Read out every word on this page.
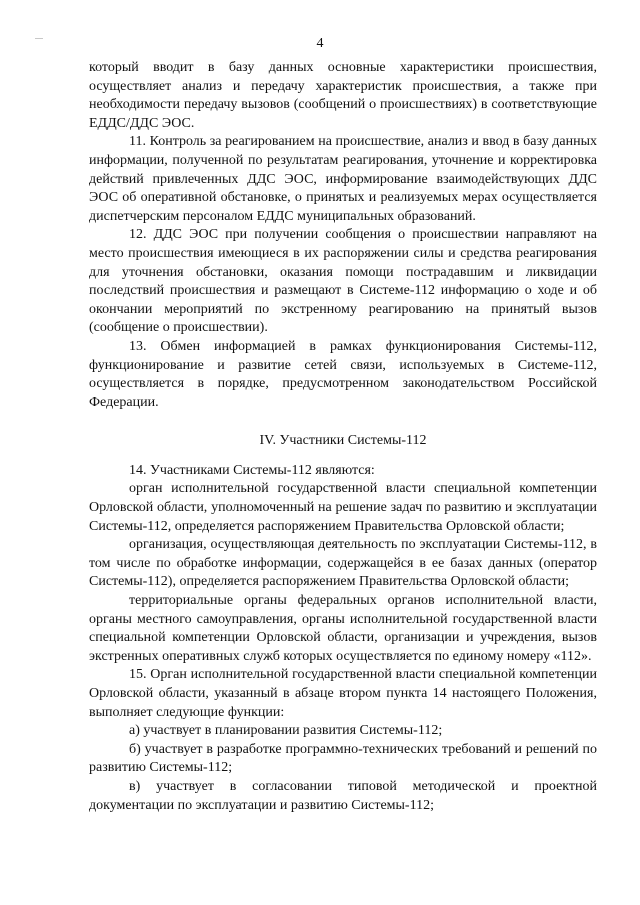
4

который вводит в базу данных основные характеристики происшествия, осуществляет анализ и передачу характеристик происшествия, а также при необходимости передачу вызовов (сообщений о происшествиях) в соответствующие ЕДДС/ДДС ЭОС.

11. Контроль за реагированием на происшествие, анализ и ввод в базу данных информации, полученной по результатам реагирования, уточнение и корректировка действий привлеченных ДДС ЭОС, информирование взаимодействующих ДДС ЭОС об оперативной обстановке, о принятых и реализуемых мерах осуществляется диспетчерским персоналом ЕДДС муниципальных образований.

12. ДДС ЭОС при получении сообщения о происшествии направляют на место происшествия имеющиеся в их распоряжении силы и средства реагирования для уточнения обстановки, оказания помощи пострадавшим и ликвидации последствий происшествия и размещают в Системе-112 информацию о ходе и об окончании мероприятий по экстренному реагированию на принятый вызов (сообщение о происшествии).

13. Обмен информацией в рамках функционирования Системы-112, функционирование и развитие сетей связи, используемых в Системе-112, осуществляется в порядке, предусмотренном законодательством Российской Федерации.

IV. Участники Системы-112

14. Участниками Системы-112 являются:

орган исполнительной государственной власти специальной компетенции Орловской области, уполномоченный на решение задач по развитию и эксплуатации Системы-112, определяется распоряжением Правительства Орловской области;

организация, осуществляющая деятельность по эксплуатации Системы-112, в том числе по обработке информации, содержащейся в ее базах данных (оператор Системы-112), определяется распоряжением Правительства Орловской области;

территориальные органы федеральных органов исполнительной власти, органы местного самоуправления, органы исполнительной государственной власти специальной компетенции Орловской области, организации и учреждения, вызов экстренных оперативных служб которых осуществляется по единому номеру «112».

15. Орган исполнительной государственной власти специальной компетенции Орловской области, указанный в абзаце втором пункта 14 настоящего Положения, выполняет следующие функции:

а) участвует в планировании развития Системы-112;

б) участвует в разработке программно-технических требований и решений по развитию Системы-112;

в) участвует в согласовании типовой методической и проектной документации по эксплуатации и развитию Системы-112;
